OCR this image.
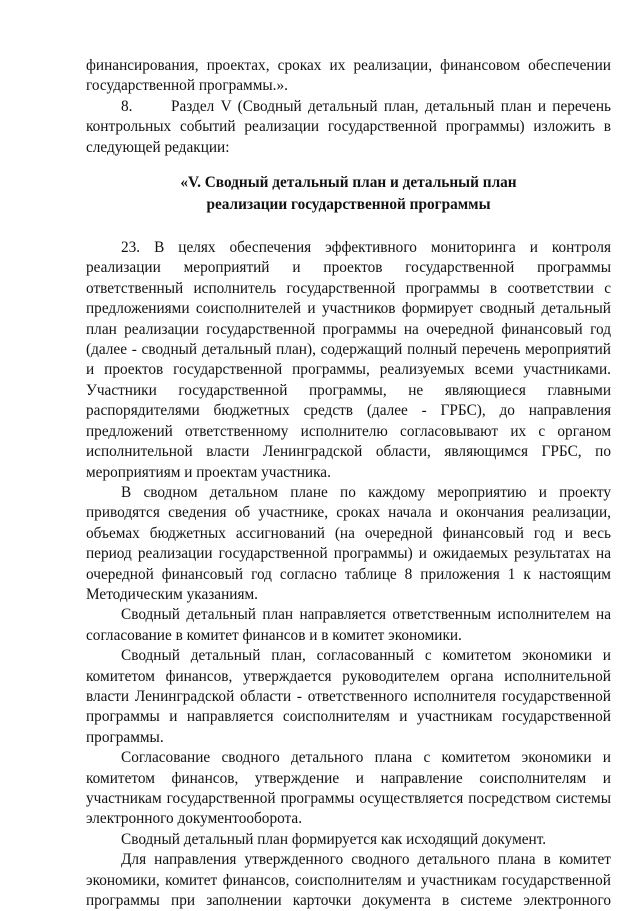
финансирования, проектах, сроках их реализации, финансовом обеспечении государственной программы.».

8.	Раздел V (Сводный детальный план, детальный план и перечень контрольных событий реализации государственной программы) изложить в следующей редакции:

«V. Сводный детальный план и детальный план
реализации государственной программы

23. В целях обеспечения эффективного мониторинга и контроля реализации мероприятий и проектов государственной программы ответственный исполнитель государственной программы в соответствии с предложениями соисполнителей и участников формирует сводный детальный план реализации государственной программы на очередной финансовый год (далее - сводный детальный план), содержащий полный перечень мероприятий и проектов государственной программы, реализуемых всеми участниками. Участники государственной программы, не являющиеся главными распорядителями бюджетных средств (далее - ГРБС), до направления предложений ответственному исполнителю согласовывают их с органом исполнительной власти Ленинградской области, являющимся ГРБС, по мероприятиям и проектам участника.

В сводном детальном плане по каждому мероприятию и проекту приводятся сведения об участнике, сроках начала и окончания реализации, объемах бюджетных ассигнований (на очередной финансовый год и весь период реализации государственной программы) и ожидаемых результатах на очередной финансовый год согласно таблице 8 приложения 1 к настоящим Методическим указаниям.

Сводный детальный план направляется ответственным исполнителем на согласование в комитет финансов и в комитет экономики.

Сводный детальный план, согласованный с комитетом экономики и комитетом финансов, утверждается руководителем органа исполнительной власти Ленинградской области - ответственного исполнителя государственной программы и направляется соисполнителям и участникам государственной программы.

Согласование сводного детального плана с комитетом экономики и комитетом финансов, утверждение и направление соисполнителям и участникам государственной программы осуществляется посредством системы электронного документооборота.

Сводный детальный план формируется как исходящий документ.

Для направления утвержденного сводного детального плана в комитет экономики, комитет финансов, соисполнителям и участникам государственной программы при заполнении карточки документа в системе электронного
